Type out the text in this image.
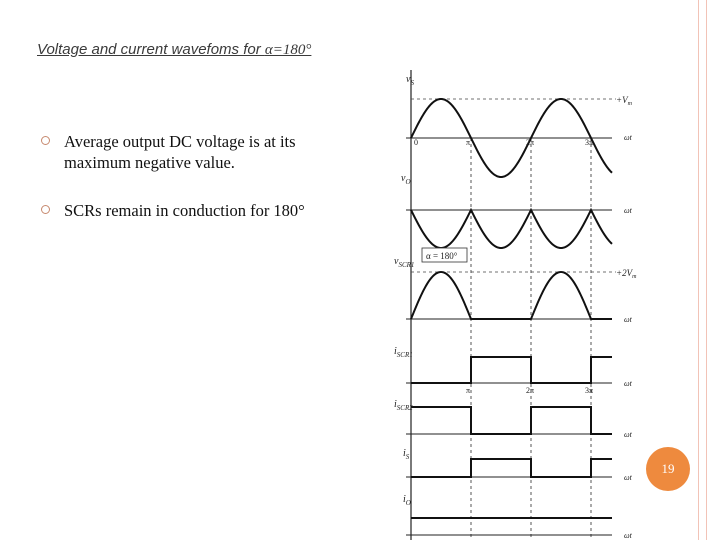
Voltage and current wavefoms for α=180°
Average output DC voltage is at its maximum negative value.
SCRs remain in conduction for 180°
α = 180°
$v_S$
$+V_m$
$v_O$
$v_{SCR1}$
$+2V_m$
$i_{SCR1}$
$i_{SCR2}$
$i_S$
$i_O$
ωt
ωt
ωt
ωt
ωt
ωt
ωt
0	π	2π	3π
π	2π	3π
19
